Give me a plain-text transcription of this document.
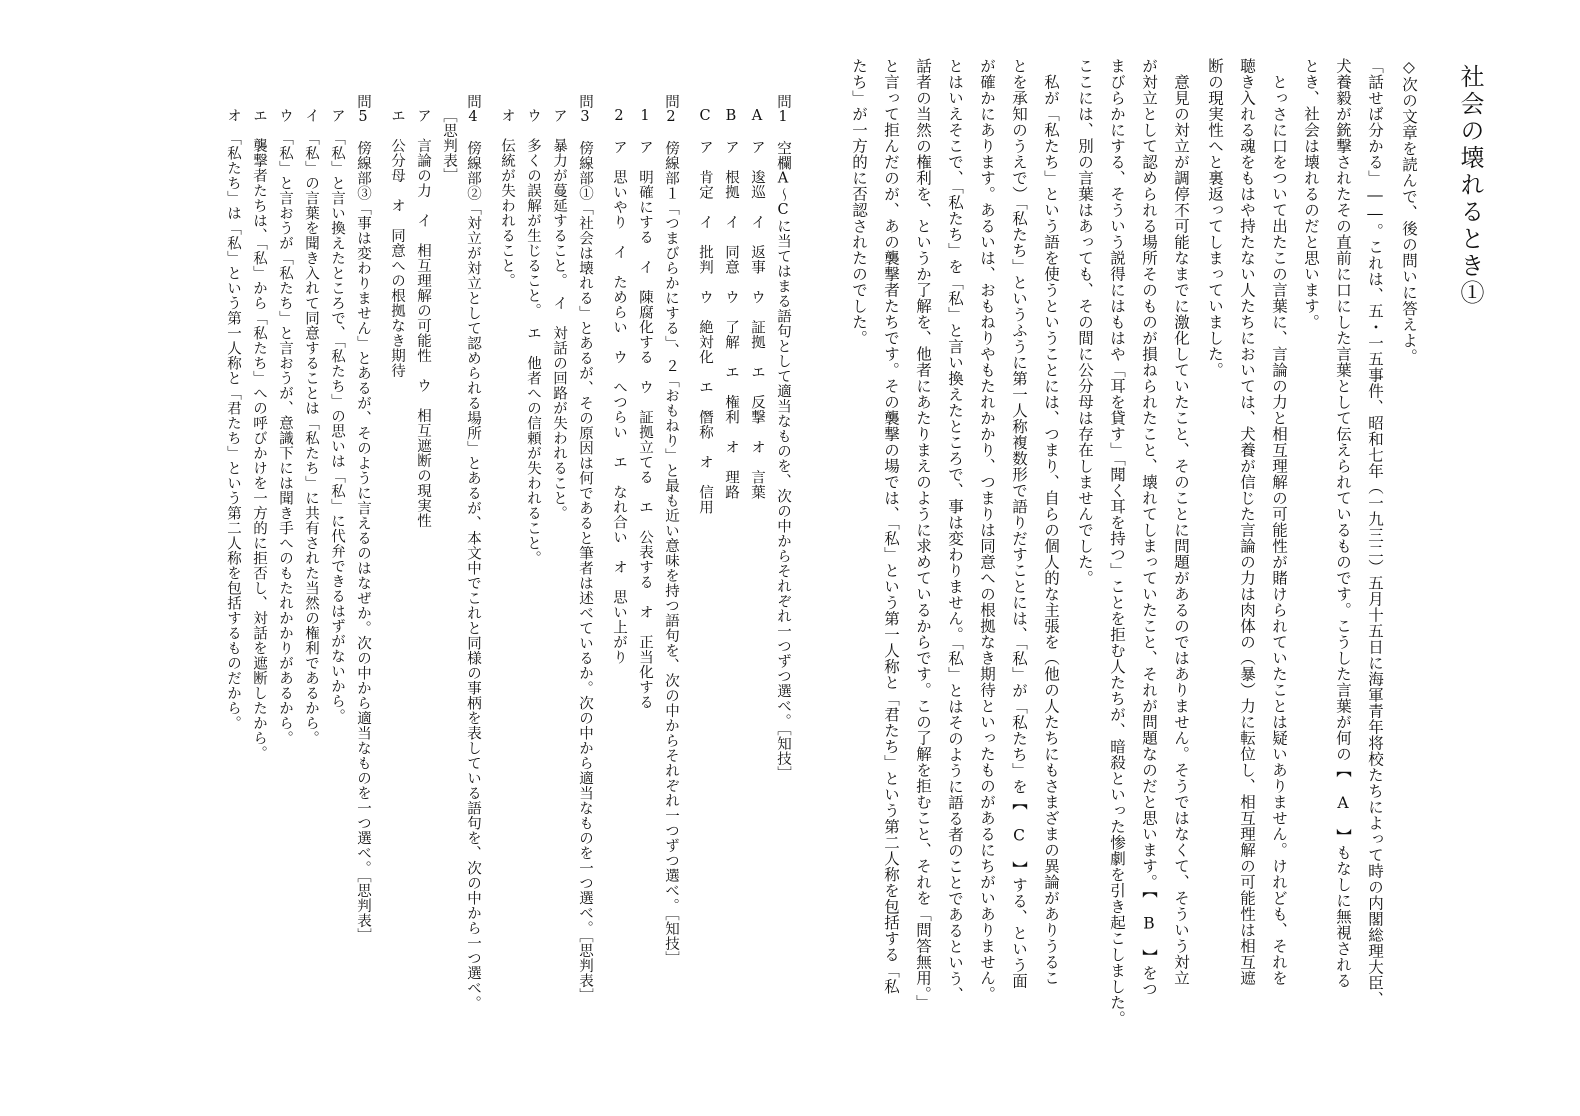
社会の壊れるとき①
◇次の文章を読んで、後の問いに答えよ。
「話せば分かる」――。これは、五・一五事件、昭和七年（一九三二）五月十五日に海軍青年将校たちによって時の内閣総理大臣、
犬養毅が銃撃されたその直前に口にした言葉として伝えられているものです。こうした言葉が何の【　A　】もなしに無視される
とき、社会は壊れるのだと思います。
　とっさに口をついて出たこの言葉に、言論の力と相互理解の可能性が賭けられていたことは疑いありません。けれども、それを
聴き入れる魂をもはや持たない人たちにおいては、犬養が信じた言論の力は肉体の（暴）力に転位し、相互理解の可能性は相互遮
断の現実性へと裏返ってしまっていました。
　意見の対立が調停不可能なまでに激化していたこと、そのことに問題があるのではありません。そうではなくて、そういう対立
が対立として認められる場所そのものが損ねられたこと、壊れてしまっていたこと、それが問題なのだと思います。【　B　】をつ
まびらかにする、そういう説得にはもはや「耳を貸す」「聞く耳を持つ」ことを拒む人たちが、暗殺といった惨劇を引き起こしました。
ここには、別の言葉はあっても、その間に公分母は存在しませんでした。
　私が「私たち」という語を使うということには、つまり、自らの個人的な主張を（他の人たちにもさまざまの異論がありうるこ
とを承知のうえで）「私たち」というふうに第一人称複数形で語りだすことには、「私」が「私たち」を【　C　】する、という面
が確かにあります。あるいは、おもねりやもたれかかり、つまりは同意への根拠なき期待といったものがあるにちがいありません。
とはいえそこで、「私たち」を「私」と言い換えたところで、事は変わりません。「私」とはそのように語る者のことであるという、
話者の当然の権利を、というか了解を、他者にあたりまえのように求めているからです。この了解を拒むこと、それを「問答無用。」
と言って拒んだのが、あの襲撃者たちです。その襲撃の場では、「私」という第一人称と「君たち」という第二人称を包括する「私
たち」が一方的に否認されたのでした。
問1　空欄A～Cに当てはまる語句として適当なものを、次の中からそれぞれ一つずつ選べ。［知技］
A　ア　逡巡　イ　返事　ウ　証拠　エ　反撃　オ　言葉
B　ア　根拠　イ　同意　ウ　了解　エ　権利　オ　理路
C　ア　肯定　イ　批判　ウ　絶対化　エ　僭称　オ　信用
問2　傍線部１「つまびらかにする」、２「おもねり」と最も近い意味を持つ語句を、次の中からそれぞれ一つずつ選べ。［知技］
1　ア　明確にする　イ　陳腐化する　ウ　証拠立てる　エ　公表する　オ　正当化する
2　ア　思いやり　イ　ためらい　ウ　へつらい　エ　なれ合い　オ　思い上がり
問3　傍線部①「社会は壊れる」とあるが、その原因は何であると筆者は述べているか。次の中から適当なものを一つ選べ。［思判表］
ア　暴力が蔓延すること。　イ　対話の回路が失われること。
ウ　多くの誤解が生じること。　エ　他者への信頼が失われること。
オ　伝統が失われること。
問4　傍線部②「対立が対立として認められる場所」とあるが、本文中でこれと同様の事柄を表している語句を、次の中から一つ選べ。
［思判表］
ア　言論の力　イ　相互理解の可能性　ウ　相互遮断の現実性
エ　公分母　オ　同意への根拠なき期待
問5　傍線部③「事は変わりません」とあるが、そのように言えるのはなぜか。次の中から適当なものを一つ選べ。［思判表］
ア　「私」と言い換えたところで、「私たち」の思いは「私」に代弁できるはずがないから。
イ　「私」の言葉を聞き入れて同意することは「私たち」に共有された当然の権利であるから。
ウ　「私」と言おうが「私たち」と言おうが、意識下には聞き手へのもたれかかりがあるから。
エ　襲撃者たちは、「私」から「私たち」への呼びかけを一方的に拒否し、対話を遮断したから。
オ　「私たち」は「私」という第一人称と「君たち」という第二人称を包括するものだから。
